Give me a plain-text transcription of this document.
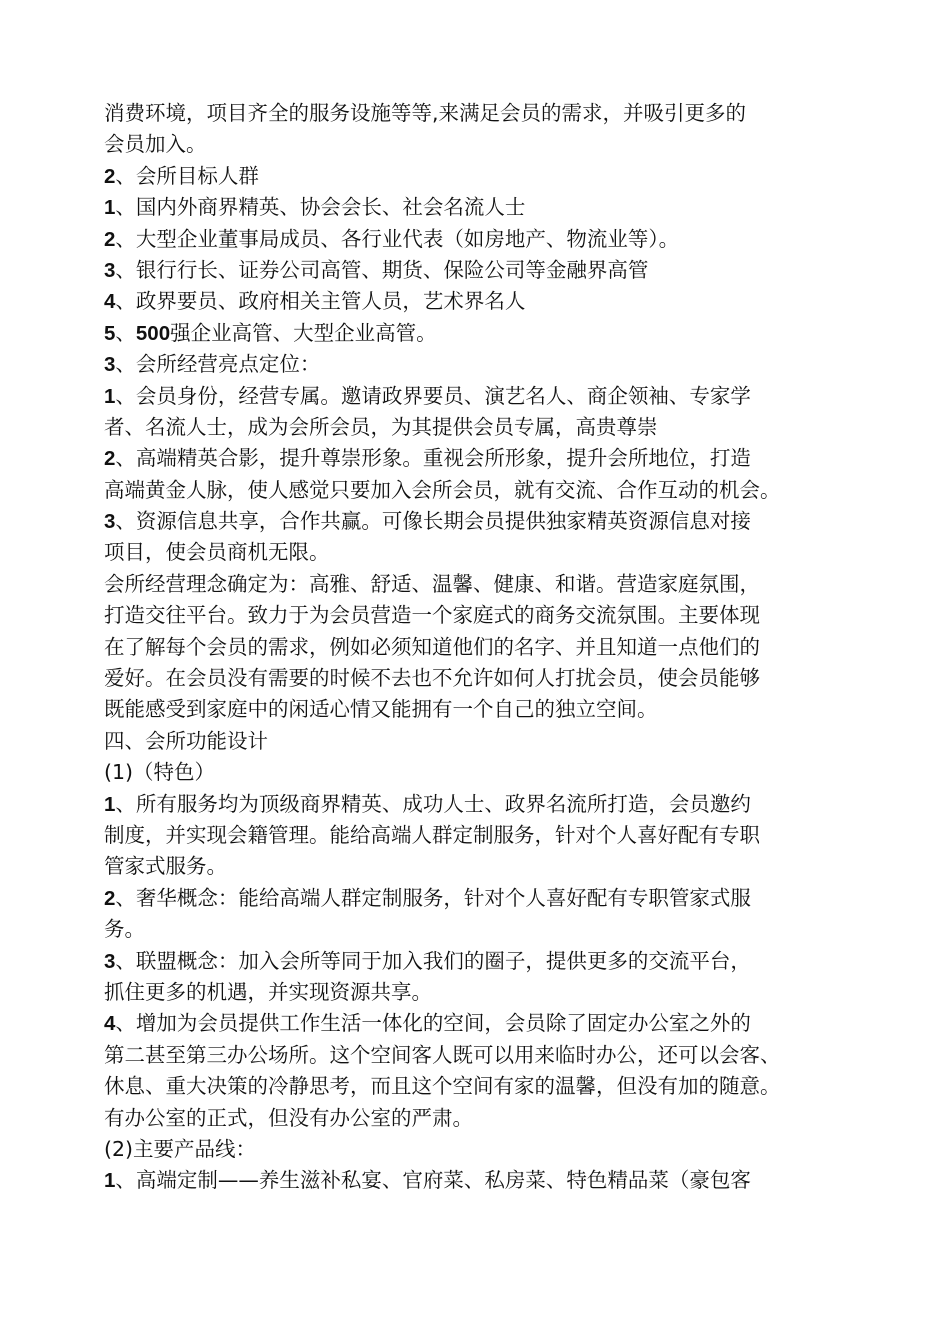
消费环境，项目齐全的服务设施等等,来满足会员的需求，并吸引更多的
会员加入。
2、会所目标人群
1、国内外商界精英、协会会长、社会名流人士
2、大型企业董事局成员、各行业代表（如房地产、物流业等）。
3、银行行长、证券公司高管、期货、保险公司等金融界高管
4、政界要员、政府相关主管人员，艺术界名人
5、500强企业高管、大型企业高管。
3、会所经营亮点定位：
1、会员身份，经营专属。邀请政界要员、演艺名人、商企领袖、专家学
者、名流人士，成为会所会员，为其提供会员专属，高贵尊崇
2、高端精英合影，提升尊崇形象。重视会所形象，提升会所地位，打造
高端黄金人脉，使人感觉只要加入会所会员，就有交流、合作互动的机会。
3、资源信息共享，合作共赢。可像长期会员提供独家精英资源信息对接
项目，使会员商机无限。
会所经营理念确定为：高雅、舒适、温馨、健康、和谐。营造家庭氛围，
打造交往平台。致力于为会员营造一个家庭式的商务交流氛围。主要体现
在了解每个会员的需求，例如必须知道他们的名字、并且知道一点他们的
爱好。在会员没有需要的时候不去也不允许如何人打扰会员，使会员能够
既能感受到家庭中的闲适心情又能拥有一个自己的独立空间。
四、会所功能设计
(1)（特色）
1、所有服务均为顶级商界精英、成功人士、政界名流所打造，会员邀约
制度，并实现会籍管理。能给高端人群定制服务，针对个人喜好配有专职
管家式服务。
2、奢华概念：能给高端人群定制服务，针对个人喜好配有专职管家式服
务。
3、联盟概念：加入会所等同于加入我们的圈子，提供更多的交流平台，
抓住更多的机遇，并实现资源共享。
4、增加为会员提供工作生活一体化的空间，会员除了固定办公室之外的
第二甚至第三办公场所。这个空间客人既可以用来临时办公，还可以会客、
休息、重大决策的冷静思考，而且这个空间有家的温馨，但没有加的随意。
有办公室的正式，但没有办公室的严肃。
(2)主要产品线：
1、高端定制——养生滋补私宴、官府菜、私房菜、特色精品菜（豪包客
